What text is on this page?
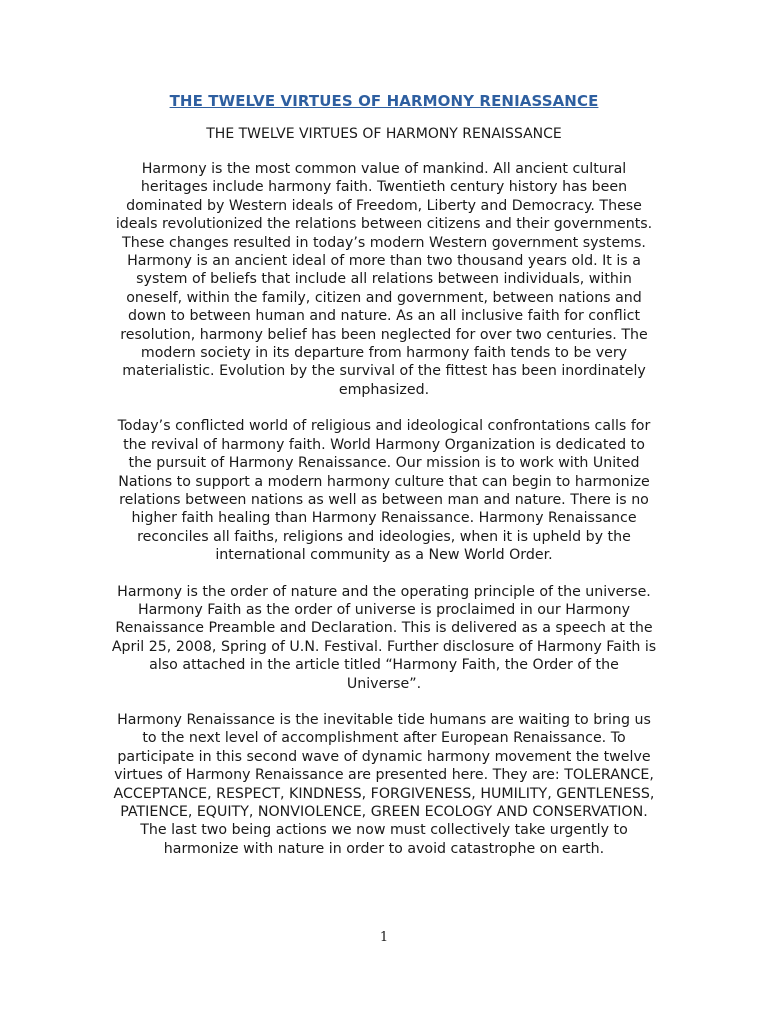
THE TWELVE VIRTUES OF HARMONY RENIASSANCE

THE TWELVE VIRTUES OF HARMONY RENAISSANCE

Harmony is the most common value of mankind. All ancient cultural heritages include harmony faith. Twentieth century history has been dominated by Western ideals of Freedom, Liberty and Democracy. These ideals revolutionized the relations between citizens and their governments. These changes resulted in today’s modern Western government systems. Harmony is an ancient ideal of more than two thousand years old. It is a system of beliefs that include all relations between individuals, within oneself, within the family, citizen and government, between nations and down to between human and nature. As an all inclusive faith for conflict resolution, harmony belief has been neglected for over two centuries. The modern society in its departure from harmony faith tends to be very materialistic. Evolution by the survival of the fittest has been inordinately emphasized.

Today’s conflicted world of religious and ideological confrontations calls for the revival of harmony faith. World Harmony Organization is dedicated to the pursuit of Harmony Renaissance. Our mission is to work with United Nations to support a modern harmony culture that can begin to harmonize relations between nations as well as between man and nature. There is no higher faith healing than Harmony Renaissance. Harmony Renaissance reconciles all faiths, religions and ideologies, when it is upheld by the international community as a New World Order.

Harmony is the order of nature and the operating principle of the universe. Harmony Faith as the order of universe is proclaimed in our Harmony Renaissance Preamble and Declaration. This is delivered as a speech at the April 25, 2008, Spring of U.N. Festival. Further disclosure of Harmony Faith is also attached in the article titled “Harmony Faith, the Order of the Universe”.

Harmony Renaissance is the inevitable tide humans are waiting to bring us to the next level of accomplishment after European Renaissance. To participate in this second wave of dynamic harmony movement the twelve virtues of Harmony Renaissance are presented here. They are: TOLERANCE, ACCEPTANCE, RESPECT, KINDNESS, FORGIVENESS, HUMILITY, GENTLENESS, PATIENCE, EQUITY, NONVIOLENCE, GREEN ECOLOGY AND CONSERVATION. The last two being actions we now must collectively take urgently to harmonize with nature in order to avoid catastrophe on earth.

1
